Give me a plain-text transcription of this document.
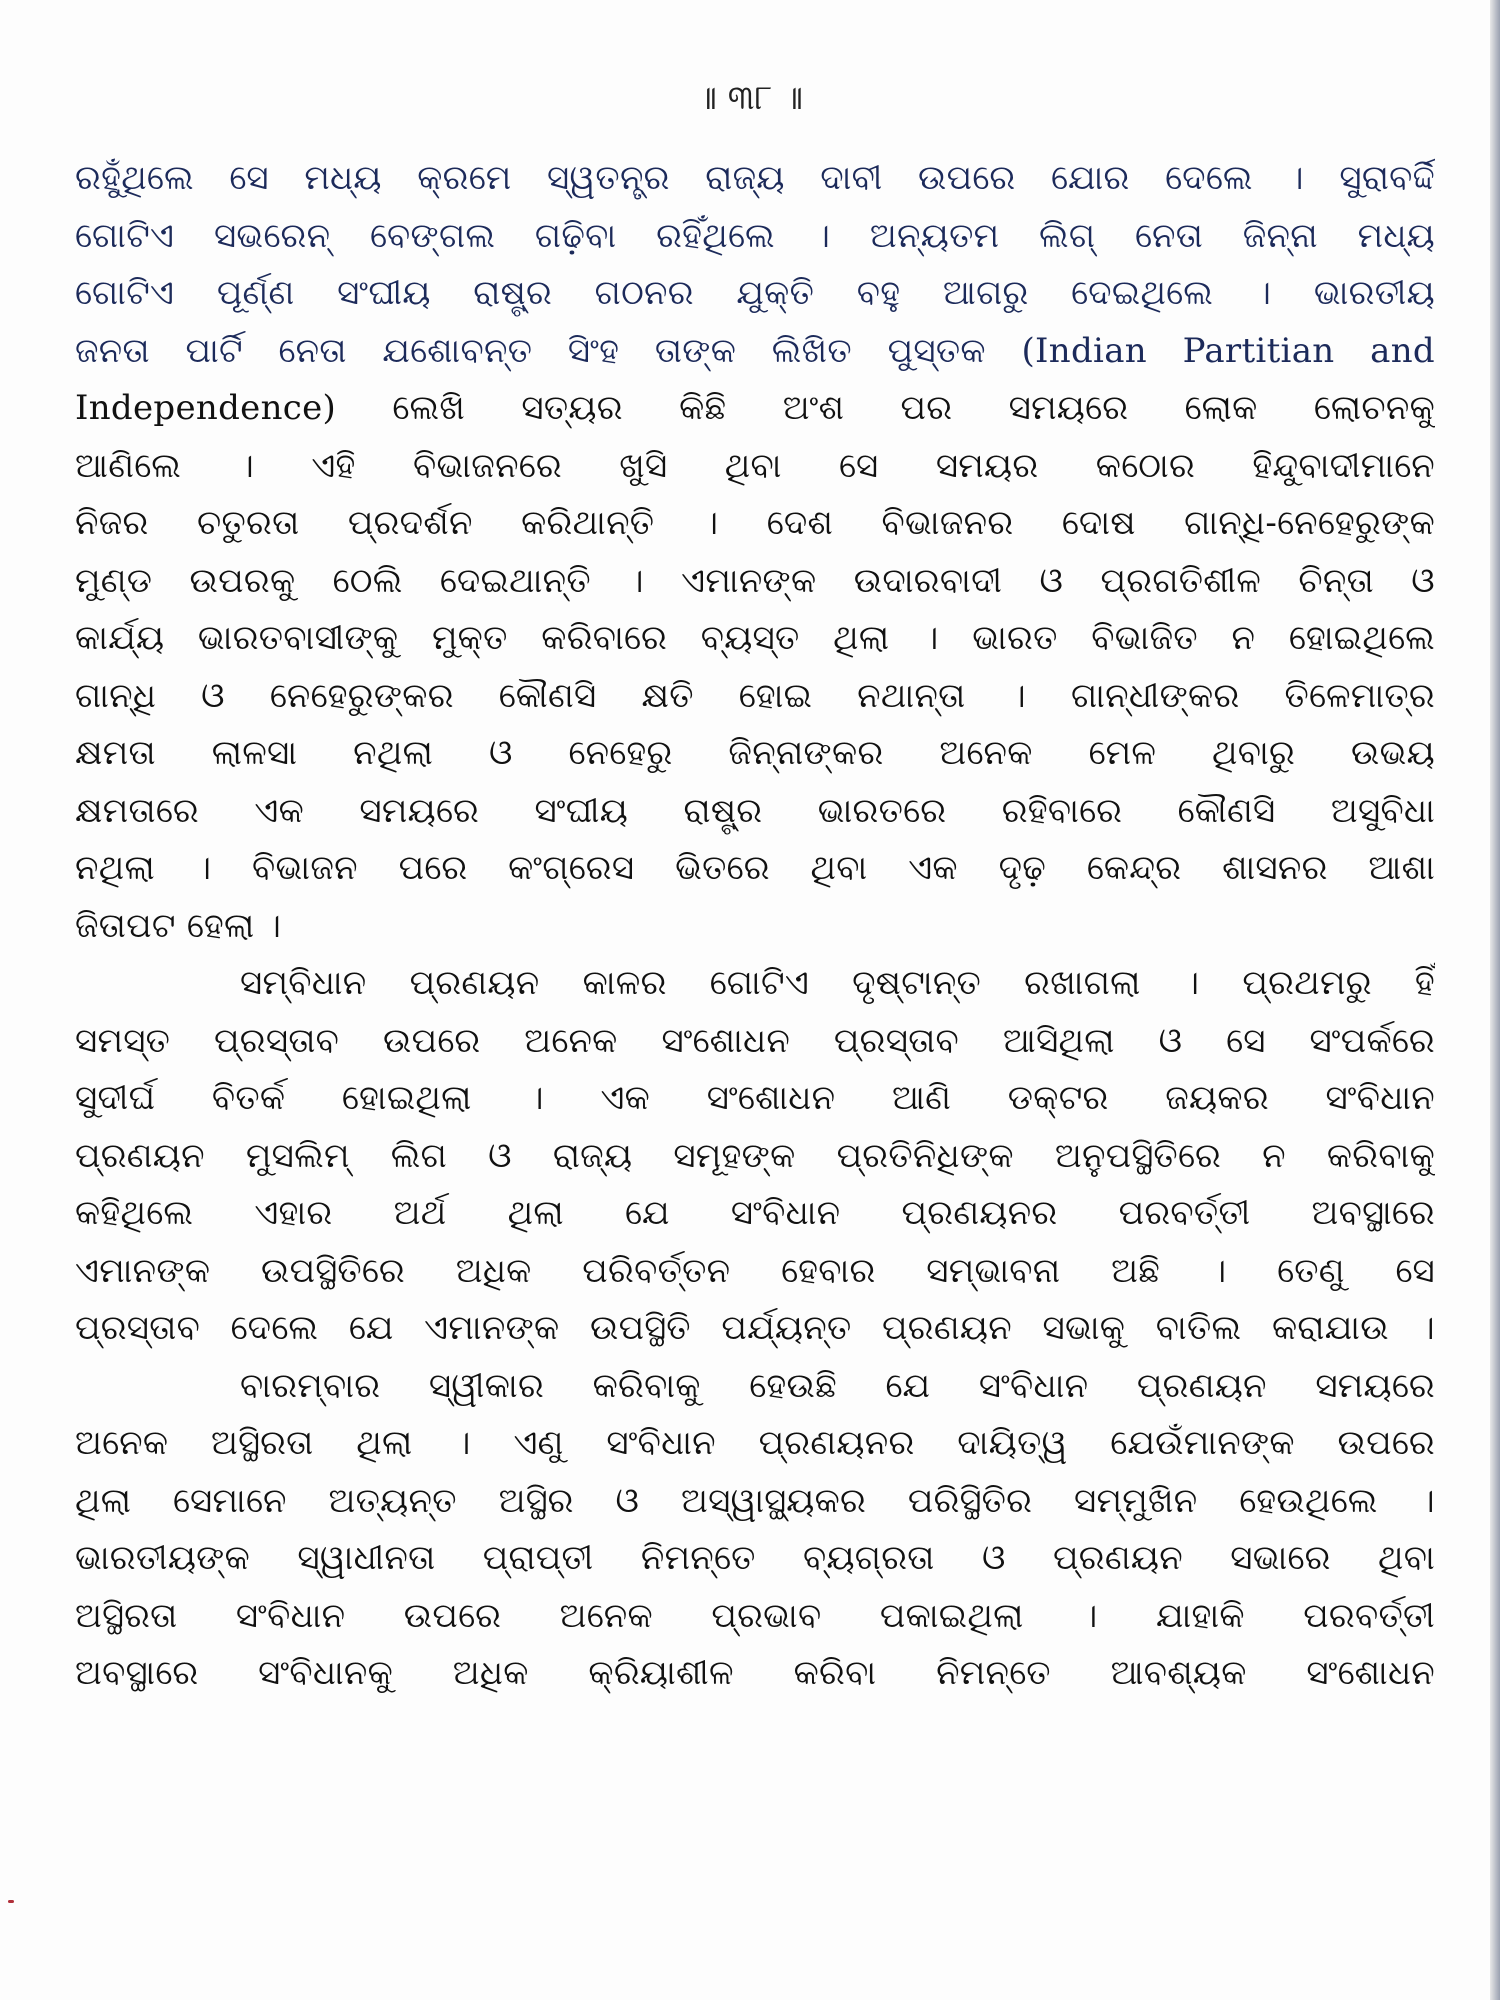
॥ ୩୮ ॥
ରହୁଁଥିଲେ ସେ ମଧ୍ୟ କ୍ରମେ ସ୍ୱତନ୍ତ୍ର ରାଜ୍ୟ ଦାବୀ ଉପରେ ଯୋର ଦେଲେ । ସୁରାବର୍ଦ୍ଦି
ଗୋଟିଏ ସଭରେନ୍ ବେଙ୍ଗଲ ଗଢ଼ିବା ରହିଁଥିଲେ । ଅନ୍ୟତମ ଲିଗ୍ ନେତା ଜିନ୍ନା ମଧ୍ୟ
ଗୋଟିଏ ପୂର୍ଣ୍ଣ ସଂଘୀୟ ରାଷ୍ଟ୍ର ଗଠନର ଯୁକ୍ତି ବହୁ ଆଗରୁ ଦେଇଥିଲେ । ଭାରତୀୟ
ଜନତା ପାର୍ଟି ନେତା ଯଶୋବନ୍ତ ସିଂହ ତାଙ୍କ ଲିଖିତ ପୁସ୍ତକ (Indian Partitian and
Independence) ଲେଖି ସତ୍ୟର କିଛି ଅଂଶ ପର ସମୟରେ ଲୋକ ଲୋଚନକୁ
ଆଣିଲେ । ଏହି ବିଭାଜନରେ ଖୁସି ଥିବା ସେ ସମୟର କଠୋର ହିନ୍ଦୁବାଦୀମାନେ
ନିଜର ଚତୁରତା ପ୍ରଦର୍ଶନ କରିଥାନ୍ତି । ଦେଶ ବିଭାଜନର ଦୋଷ ଗାନ୍ଧି-ନେହେରୁଙ୍କ
ମୁଣ୍ଡ ଉପରକୁ ଠେଲି ଦେଇଥାନ୍ତି । ଏମାନଙ୍କ ଉଦାରବାଦୀ ଓ ପ୍ରଗତିଶୀଳ ଚିନ୍ତା ଓ
କାର୍ଯ୍ୟ ଭାରତବାସୀଙ୍କୁ ମୁକ୍ତ କରିବାରେ ବ୍ୟସ୍ତ ଥିଲା । ଭାରତ ବିଭାଜିତ ନ ହୋଇଥିଲେ
ଗାନ୍ଧି ଓ ନେହେରୁଙ୍କର କୌଣସି କ୍ଷତି ହୋଇ ନଥାନ୍ତା । ଗାନ୍ଧୀଙ୍କର ତିଳେମାତ୍ର
କ୍ଷମତା ଲାଳସା ନଥିଲା ଓ ନେହେରୁ ଜିନ୍ନାଙ୍କର ଅନେକ ମେଳ ଥିବାରୁ ଉଭୟ
କ୍ଷମତାରେ ଏକ ସମୟରେ ସଂଘୀୟ ରାଷ୍ଟ୍ର ଭାରତରେ ରହିବାରେ କୌଣସି ଅସୁବିଧା
ନଥିଲା । ବିଭାଜନ ପରେ କଂଗ୍ରେସ ଭିତରେ ଥିବା ଏକ ଦୃଢ଼ କେନ୍ଦ୍ର ଶାସନର ଆଶା
ଜିତାପଟ ହେଲା ।
ସମ୍ବିଧାନ ପ୍ରଣୟନ କାଳର ଗୋଟିଏ ଦୃଷ୍ଟାନ୍ତ ରଖାଗଲା । ପ୍ରଥମରୁ ହିଁ
ସମସ୍ତ ପ୍ରସ୍ତାବ ଉପରେ ଅନେକ ସଂଶୋଧନ ପ୍ରସ୍ତାବ ଆସିଥିଲା ଓ ସେ ସଂପର୍କରେ
ସୁଦୀର୍ଘ ବିତର୍କ ହୋଇଥିଲା । ଏକ ସଂଶୋଧନ ଆଣି ଡକ୍ଟର ଜୟକର ସଂବିଧାନ
ପ୍ରଣୟନ ମୁସଲିମ୍ ଲିଗ ଓ ରାଜ୍ୟ ସମୂହଙ୍କ ପ୍ରତିନିଧିଙ୍କ ଅନୁପସ୍ଥିତିରେ ନ କରିବାକୁ
କହିଥିଲେ ଏହାର ଅର୍ଥ ଥିଲା ଯେ ସଂବିଧାନ ପ୍ରଣୟନର ପରବର୍ତ୍ତୀ ଅବସ୍ଥାରେ
ଏମାନଙ୍କ ଉପସ୍ଥିତିରେ ଅଧିକ ପରିବର୍ତ୍ତନ ହେବାର ସମ୍ଭାବନା ଅଛି । ତେଣୁ ସେ
ପ୍ରସ୍ତାବ ଦେଲେ ଯେ ଏମାନଙ୍କ ଉପସ୍ଥିତି ପର୍ଯ୍ୟନ୍ତ ପ୍ରଣୟନ ସଭାକୁ ବାତିଲ କରାଯାଉ ।
ବାରମ୍ବାର ସ୍ୱୀକାର କରିବାକୁ ହେଉଛି ଯେ ସଂବିଧାନ ପ୍ରଣୟନ ସମୟରେ
ଅନେକ ଅସ୍ଥିରତା ଥିଲା । ଏଣୁ ସଂବିଧାନ ପ୍ରଣୟନର ଦାୟିତ୍ୱ ଯେଉଁମାନଙ୍କ ଉପରେ
ଥିଲା ସେମାନେ ଅତ୍ୟନ୍ତ ଅସ୍ଥିର ଓ ଅସ୍ୱାସ୍ଥ୍ୟକର ପରିସ୍ଥିତିର ସମ୍ମୁଖିନ ହେଉଥିଲେ ।
ଭାରତୀୟଙ୍କ ସ୍ୱାଧୀନତା ପ୍ରାପ୍ତୀ ନିମନ୍ତେ ବ୍ୟଗ୍ରତା ଓ ପ୍ରଣୟନ ସଭାରେ ଥିବା
ଅସ୍ଥିରତା ସଂବିଧାନ ଉପରେ ଅନେକ ପ୍ରଭାବ ପକାଇଥିଲା । ଯାହାକି ପରବର୍ତ୍ତୀ
ଅବସ୍ଥାରେ ସଂବିଧାନକୁ ଅଧିକ କ୍ରିୟାଶୀଳ କରିବା ନିମନ୍ତେ ଆବଶ୍ୟକ ସଂଶୋଧନ
